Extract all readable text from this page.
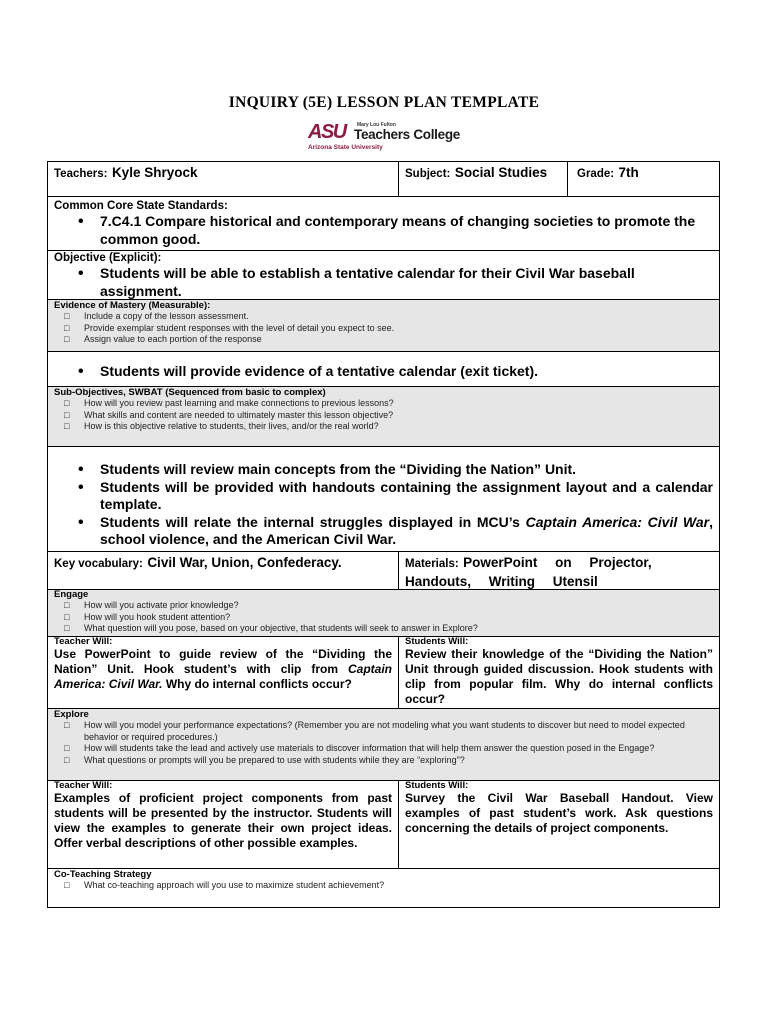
INQUIRY (5E) LESSON PLAN TEMPLATE
ASU Mary Lou Fulton
Teachers College
Arizona State University
Teachers: Kyle Shryock	Subject: Social Studies	Grade: 7th
Common Core State Standards:
• 7.C4.1 Compare historical and contemporary means of changing societies to promote the common good.
Objective (Explicit):
• Students will be able to establish a tentative calendar for their Civil War baseball assignment.
Evidence of Mastery (Measurable):
□ Include a copy of the lesson assessment.
□ Provide exemplar student responses with the level of detail you expect to see.
□ Assign value to each portion of the response
• Students will provide evidence of a tentative calendar (exit ticket).
Sub-Objectives, SWBAT (Sequenced from basic to complex)
□ How will you review past learning and make connections to previous lessons?
□ What skills and content are needed to ultimately master this lesson objective?
□ How is this objective relative to students, their lives, and/or the real world?
• Students will review main concepts from the “Dividing the Nation” Unit.
• Students will be provided with handouts containing the assignment layout and a calendar template.
• Students will relate the internal struggles displayed in MCU’s Captain America: Civil War, school violence, and the American Civil War.
Key vocabulary: Civil War, Union, Confederacy.	Materials: PowerPoint on Projector, Handouts, Writing Utensil
Engage
□ How will you activate prior knowledge?
□ How will you hook student attention?
□ What question will you pose, based on your objective, that students will seek to answer in Explore?
Teacher Will:
Use PowerPoint to guide review of the “Dividing the Nation” Unit. Hook student’s with clip from Captain America: Civil War. Why do internal conflicts occur?
Students Will:
Review their knowledge of the “Dividing the Nation” Unit through guided discussion. Hook students with clip from popular film. Why do internal conflicts occur?
Explore
□ How will you model your performance expectations? (Remember you are not modeling what you want students to discover but need to model expected behavior or required procedures.)
□ How will students take the lead and actively use materials to discover information that will help them answer the question posed in the Engage?
□ What questions or prompts will you be prepared to use with students while they are “exploring”?
Teacher Will:
Examples of proficient project components from past students will be presented by the instructor. Students will view the examples to generate their own project ideas. Offer verbal descriptions of other possible examples.
Students Will:
Survey the Civil War Baseball Handout. View examples of past student’s work. Ask questions concerning the details of project components.
Co-Teaching Strategy
□ What co-teaching approach will you use to maximize student achievement?
